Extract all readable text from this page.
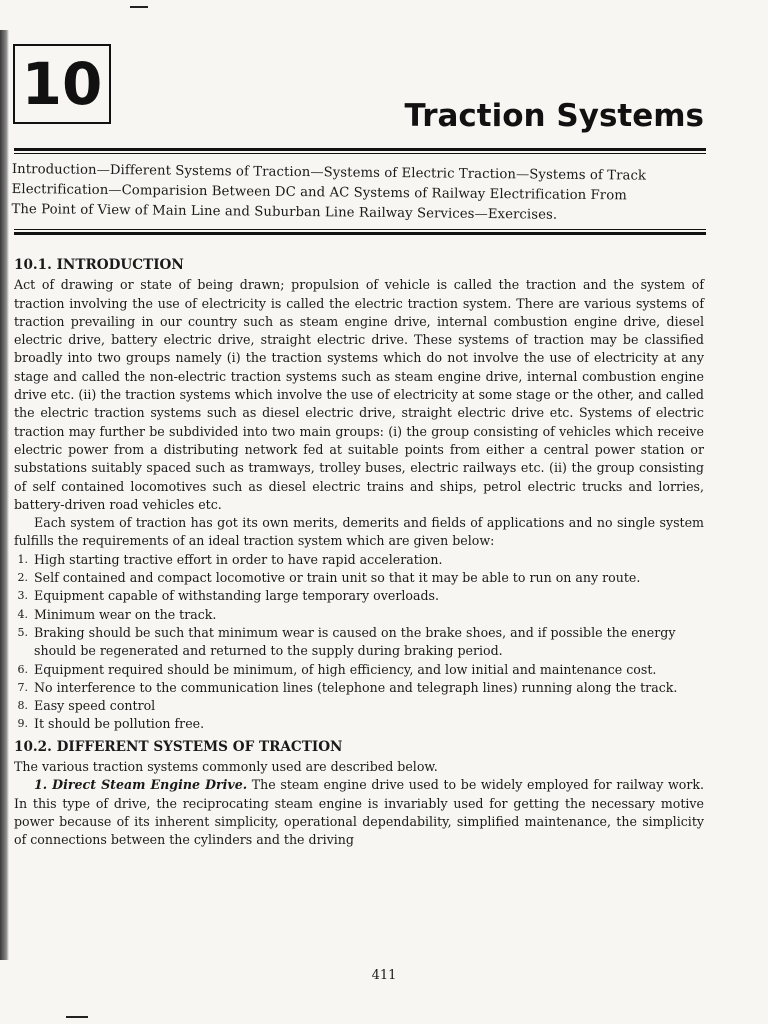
10	Traction Systems
Introduction—Different Systems of Traction—Systems of Electric Traction—Systems of Track
Electrification—Comparision Between DC and AC Systems of Railway Electrification From
The Point of View of Main Line and Suburban Line Railway Services—Exercises.
10.1. INTRODUCTION

Act of drawing or state of being drawn; propulsion of vehicle is called the traction and the system of traction involving the use of electricity is called the electric traction system. There are various systems of traction prevailing in our country such as steam engine drive, internal combustion engine drive, diesel electric drive, battery electric drive, straight electric drive. These systems of traction may be classified broadly into two groups namely (i) the traction systems which do not involve the use of electricity at any stage and called the non-electric traction systems such as steam engine drive, internal combustion engine drive etc. (ii) the traction systems which involve the use of electricity at some stage or the other, and called the electric traction systems such as diesel electric drive, straight electric drive etc. Systems of electric traction may further be subdivided into two main groups: (i) the group consisting of vehicles which receive electric power from a distributing network fed at suitable points from either a central power station or substations suitably spaced such as tramways, trolley buses, electric railways etc. (ii) the group consisting of self contained locomotives such as diesel electric trains and ships, petrol electric trucks and lorries, battery-driven road vehicles etc.

Each system of traction has got its own merits, demerits and fields of applications and no single system fulfills the requirements of an ideal traction system which are given below:

1. High starting tractive effort in order to have rapid acceleration.
2. Self contained and compact locomotive or train unit so that it may be able to run on any route.
3. Equipment capable of withstanding large temporary overloads.
4. Minimum wear on the track.
5. Braking should be such that minimum wear is caused on the brake shoes, and if possible the energy should be regenerated and returned to the supply during braking period.
6. Equipment required should be minimum, of high efficiency, and low initial and maintenance cost.
7. No interference to the communication lines (telephone and telegraph lines) running along the track.
8. Easy speed control
9. It should be pollution free.
10.2. DIFFERENT SYSTEMS OF TRACTION

The various traction systems commonly used are described below.

1. Direct Steam Engine Drive. The steam engine drive used to be widely employed for railway work. In this type of drive, the reciprocating steam engine is invariably used for getting the necessary motive power because of its inherent simplicity, operational dependability, simplified maintenance, the simplicity of connections between the cylinders and the driving

411
